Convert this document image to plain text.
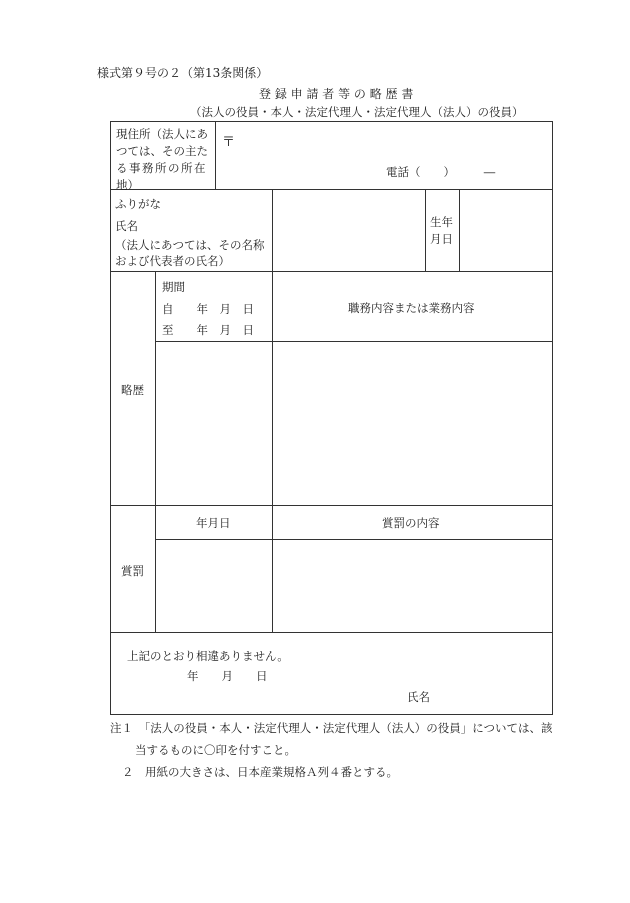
様式第９号の２（第13条関係）
登 録 申 請 者 等 の 略 歴 書
（法人の役員・本人・法定代理人・法定代理人（法人）の役員）
現住所（法人にあ
つては、その主た
る事務所の所在
地）
〒
電話（　　）　　　―
ふりがな
氏名
（法人にあつては、その名称
および代表者の氏名）
生年
月日
略歴
期間
自　　年　月　日
至　　年　月　日
職務内容または業務内容
賞罰
年月日	賞罰の内容
上記のとおり相違ありません。
年　　月　　日
氏名
注１　「法人の役員・本人・法定代理人・法定代理人（法人）の役員」については、該
当するものに〇印を付すこと。
２　用紙の大きさは、日本産業規格Ａ列４番とする。
